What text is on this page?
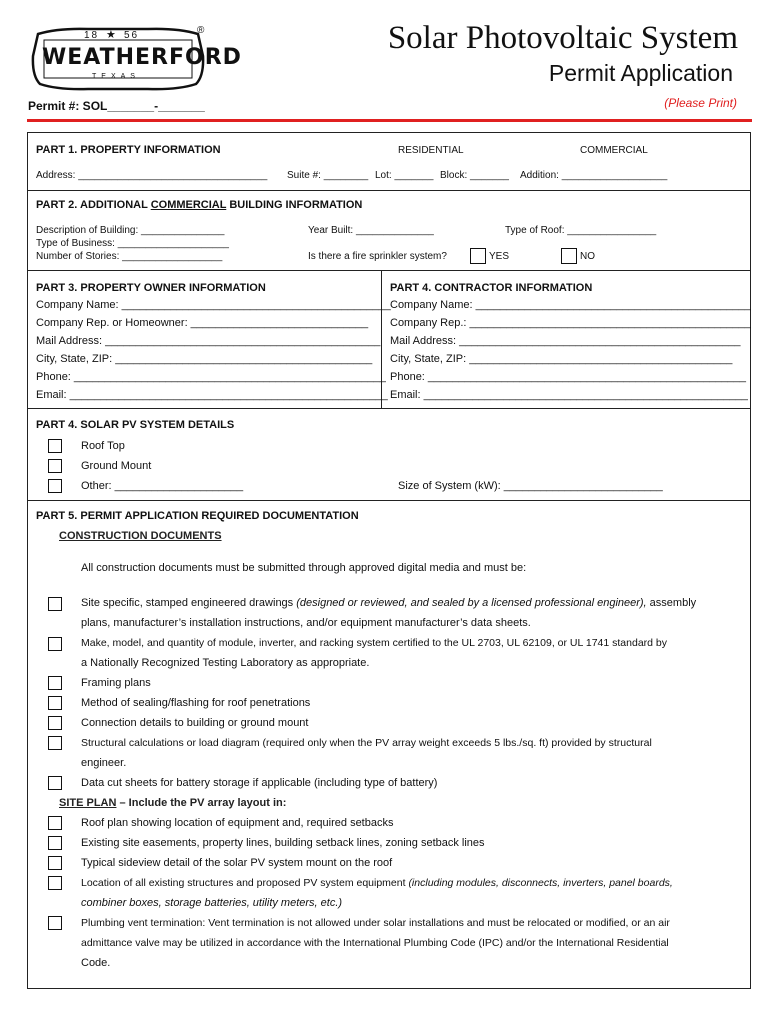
18 ★ 56
WEATHERFORD
TEXAS
®	Solar Photovoltaic System
Permit Application
(Please Print)
Permit #: SOL_______-_______
PART 1. PROPERTY INFORMATION	RESIDENTIAL	COMMERCIAL
Address: __________________________________ Suite #: ________ Lot: _______ Block: _______ Addition: ___________________
PART 2. ADDITIONAL COMMERCIAL BUILDING INFORMATION
Description of Building: _______________
Type of Business: ____________________
Number of Stories: __________________
Year Built: ______________	Type of Roof: ________________
Is there a fire sprinkler system?	YES	NO
PART 3. PROPERTY OWNER INFORMATION
Company Name: ____________________________________________
Company Rep. or Homeowner: _____________________________
Mail Address: _____________________________________________
City, State, ZIP: __________________________________________
Phone: ___________________________________________________
Email: ____________________________________________________
PART 4. CONTRACTOR INFORMATION
Company Name: _____________________________________________
Company Rep.: ______________________________________________
Mail Address: ______________________________________________
City, State, ZIP: ___________________________________________
Phone: ____________________________________________________
Email: _____________________________________________________
PART 4. SOLAR PV SYSTEM DETAILS
Roof Top
Ground Mount
Other: _____________________	Size of System (kW): __________________________
PART 5. PERMIT APPLICATION REQUIRED DOCUMENTATION
CONSTRUCTION DOCUMENTS
All construction documents must be submitted through approved digital media and must be:
Site specific, stamped engineered drawings (designed or reviewed, and sealed by a licensed professional engineer), assembly
plans, manufacturer’s installation instructions, and/or equipment manufacturer’s data sheets.
Make, model, and quantity of module, inverter, and racking system certified to the UL 2703, UL 62109, or UL 1741 standard by
a Nationally Recognized Testing Laboratory as appropriate.
Framing plans
Method of sealing/flashing for roof penetrations
Connection details to building or ground mount
Structural calculations or load diagram (required only when the PV array weight exceeds 5 lbs./sq. ft) provided by structural
engineer.
Data cut sheets for battery storage if applicable (including type of battery)
SITE PLAN – Include the PV array layout in:
Roof plan showing location of equipment and, required setbacks
Existing site easements, property lines, building setback lines, zoning setback lines
Typical sideview detail of the solar PV system mount on the roof
Location of all existing structures and proposed PV system equipment (including modules, disconnects, inverters, panel boards,
combiner boxes, storage batteries, utility meters, etc.)
Plumbing vent termination: Vent termination is not allowed under solar installations and must be relocated or modified, or an air
admittance valve may be utilized in accordance with the International Plumbing Code (IPC) and/or the International Residential
Code.
